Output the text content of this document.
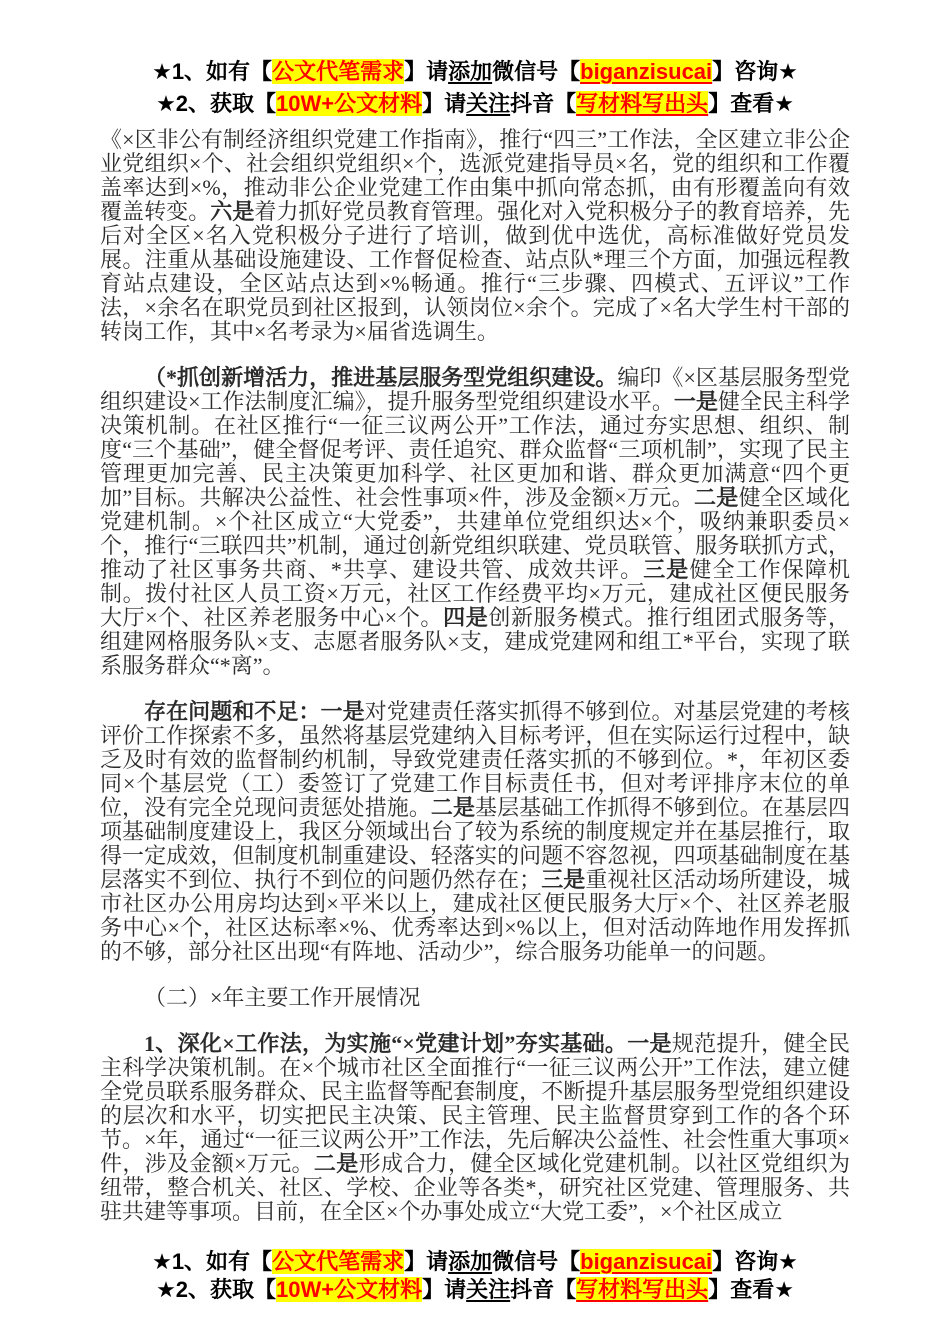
★1、如有【公文代笔需求】请添加微信号【biganzisucai】咨询★
★2、获取【10W+公文材料】请关注抖音【写材料写出头】查看★
《×区非公有制经济组织党建工作指南》，推行“四三”工作法，全区建立非公企业党组织×个、社会组织党组织×个，选派党建指导员×名，党的组织和工作覆盖率达到×%，推动非公企业党建工作由集中抓向常态抓，由有形覆盖向有效覆盖转变。六是着力抓好党员教育管理。强化对入党积极分子的教育培养，先后对全区×名入党积极分子进行了培训，做到优中选优，高标准做好党员发展。注重从基础设施建设、工作督促检查、站点队*理三个方面，加强远程教育站点建设，全区站点达到×%畅通。推行“三步骤、四模式、五评议”工作法，×余名在职党员到社区报到，认领岗位×余个。完成了×名大学生村干部的转岗工作，其中×名考录为×届省选调生。
（*抓创新增活力，推进基层服务型党组织建设。编印《×区基层服务型党组织建设×工作法制度汇编》，提升服务型党组织建设水平。一是健全民主科学决策机制。在社区推行“一征三议两公开”工作法，通过夯实思想、组织、制度“三个基础”，健全督促考评、责任追究、群众监督“三项机制”，实现了民主管理更加完善、民主决策更加科学、社区更加和谐、群众更加满意“四个更加”目标。共解决公益性、社会性事项×件，涉及金额×万元。二是健全区域化党建机制。×个社区成立“大党委”，共建单位党组织达×个，吸纳兼职委员×个，推行“三联四共”机制，通过创新党组织联建、党员联管、服务联抓方式，推动了社区事务共商、*共享、建设共管、成效共评。三是健全工作保障机制。拨付社区人员工资×万元，社区工作经费平均×万元，建成社区便民服务大厅×个、社区养老服务中心×个。四是创新服务模式。推行组团式服务等，组建网格服务队×支、志愿者服务队×支，建成党建网和组工*平台，实现了联系服务群众“*离”。
存在问题和不足：一是对党建责任落实抓得不够到位。对基层党建的考核评价工作探索不多，虽然将基层党建纳入目标考评，但在实际运行过程中，缺乏及时有效的监督制约机制，导致党建责任落实抓的不够到位。*，年初区委同×个基层党（工）委签订了党建工作目标责任书，但对考评排序末位的单位，没有完全兑现问责惩处措施。二是基层基础工作抓得不够到位。在基层四项基础制度建设上，我区分领域出台了较为系统的制度规定并在基层推行，取得一定成效，但制度机制重建设、轻落实的问题不容忽视，四项基础制度在基层落实不到位、执行不到位的问题仍然存在；三是重视社区活动场所建设，城市社区办公用房均达到×平米以上，建成社区便民服务大厅×个、社区养老服务中心×个，社区达标率×%、优秀率达到×%以上，但对活动阵地作用发挥抓的不够，部分社区出现“有阵地、活动少”，综合服务功能单一的问题。
（二）×年主要工作开展情况
1、深化×工作法，为实施“×党建计划”夯实基础。一是规范提升，健全民主科学决策机制。在×个城市社区全面推行“一征三议两公开”工作法，建立健全党员联系服务群众、民主监督等配套制度，不断提升基层服务型党组织建设的层次和水平，切实把民主决策、民主管理、民主监督贯穿到工作的各个环节。×年，通过“一征三议两公开”工作法，先后解决公益性、社会性重大事项×件，涉及金额×万元。二是形成合力，健全区域化党建机制。以社区党组织为纽带，整合机关、社区、学校、企业等各类*，研究社区党建、管理服务、共驻共建等事项。目前，在全区×个办事处成立“大党工委”，×个社区成立
★1、如有【公文代笔需求】请添加微信号【biganzisucai】咨询★
★2、获取【10W+公文材料】请关注抖音【写材料写出头】查看★
